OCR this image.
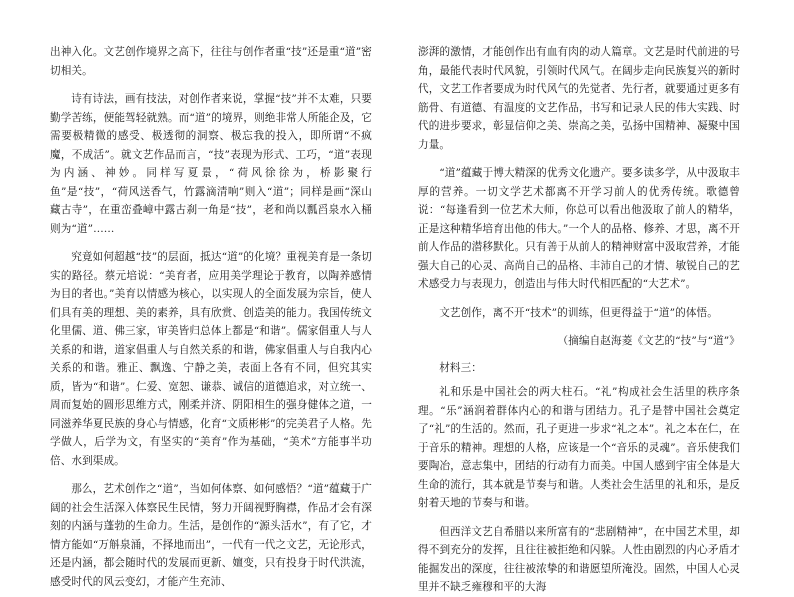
出神入化。文艺创作境界之高下，往往与创作者重“技”还是重“道”密切相关。

诗有诗法，画有技法，对创作者来说，掌握“技”并不太难，只要勤学苦练，便能驾轻就熟。而“道”的境界，则绝非常人所能企及，它需要极精微的感受、极透彻的洞察、极忘我的投入，即所谓“不疯魔，不成活”。就文艺作品而言，“技”表现为形式、工巧，“道”表现为内涵、神妙。同样写夏景，“荷风徐徐为，桥影聚行鱼”是“技”，“荷风送香气，竹露滴清响”则入“道”；同样是画“深山藏古寺”，在重峦叠嶂中露古刹一角是“技”，老和尚以瓢舀泉水入桶则为“道”……

究竟如何超越“技”的层面，抵达“道”的化境？重视美育是一条切实的路径。蔡元培说：“美育者，应用美学理论于教育，以陶养感情为目的者也。”美育以情感为核心，以实现人的全面发展为宗旨，使人们具有美的理想、美的素养，具有欣赏、创造美的能力。我国传统文化里儒、道、佛三家，审美皆归总体上都是“和谐”。儒家倡重人与人关系的和谐，道家倡重人与自然关系的和谐，佛家倡重人与自我内心关系的和谐。雅正、飘逸、宁静之美，表面上各有不同，但究其实质，皆为“和谐”。仁爱、宽恕、谦恭、诚信的道德追求，对立统一、周而复始的圆形思维方式，刚柔并济、阴阳相生的强身健体之道，一同滋养华夏民族的身心与情感，化育“文质彬彬”的完美君子人格。先学做人，后学为文，有坚实的“美育”作为基础，“美术”方能事半功倍、水到渠成。

那么，艺术创作之“道”，当如何体察、如何感悟？“道”蕴藏于广阔的社会生活深入体察民生民情，努力开阔视野胸襟，作品才会有深刻的内涵与蓬勃的生命力。生活，是创作的“源头活水”，有了它，才情方能如“万斛泉涌，不择地而出”，一代有一代之文艺，无论形式，还是内涵，都会随时代的发展而更新、嬗变，只有投身于时代洪流，感受时代的风云变幻，才能产生充沛、

澎湃的激情，才能创作出有血有肉的动人篇章。文艺是时代前进的号角，最能代表时代风貌，引领时代风气。在阔步走向民族复兴的新时代，文艺工作者要成为时代风气的先觉者、先行者，就要通过更多有筋骨、有道德、有温度的文艺作品，书写和记录人民的伟大实践、时代的进步要求，彰显信仰之美、崇高之美，弘扬中国精神、凝聚中国力量。

“道”蕴藏于博大精深的优秀文化遗产。要多读多学，从中汲取丰厚的营养。一切文学艺术都离不开学习前人的优秀传统。歌德曾说：“每逢看到一位艺术大师，你总可以看出他汲取了前人的精华，正是这种精华培育出他的伟大。”一个人的品格、修养、才思，离不开前人作品的潜移默化。只有善于从前人的精神财富中汲取营养，才能强大自己的心灵、高尚自己的品格、丰沛自己的才情、敏锐自己的艺术感受力与表现力，创造出与伟大时代相匹配的“大艺术”。

文艺创作，离不开“技术”的训练，但更得益于“道”的体悟。

（摘编自赵海菱《文艺的“技”与“道”》

材料三：

礼和乐是中国社会的两大柱石。“礼”构成社会生活里的秩序条理。“乐”涵润着群体内心的和谐与团结力。孔子是替中国社会奠定了“礼”的生活的。然而，孔子更进一步求“礼之本”。礼之本在仁，在于音乐的精神。理想的人格，应该是一个“音乐的灵魂”。音乐使我们要陶冶，意志集中，团结的行动有力而美。中国人感到宇宙全体是大生命的流行，其本就是节奏与和谐。人类社会生活里的礼和乐，是反射着天地的节奏与和谐。

但西洋文艺自希腊以来所富有的“悲剧精神”，在中国艺术里，却得不到充分的发挥，且往往被拒绝和闪躲。人性由剧烈的内心矛盾才能掘发出的深度，往往被浓挚的和谐愿望所淹没。固然，中国人心灵里并不缺乏雍穆和平的大海
